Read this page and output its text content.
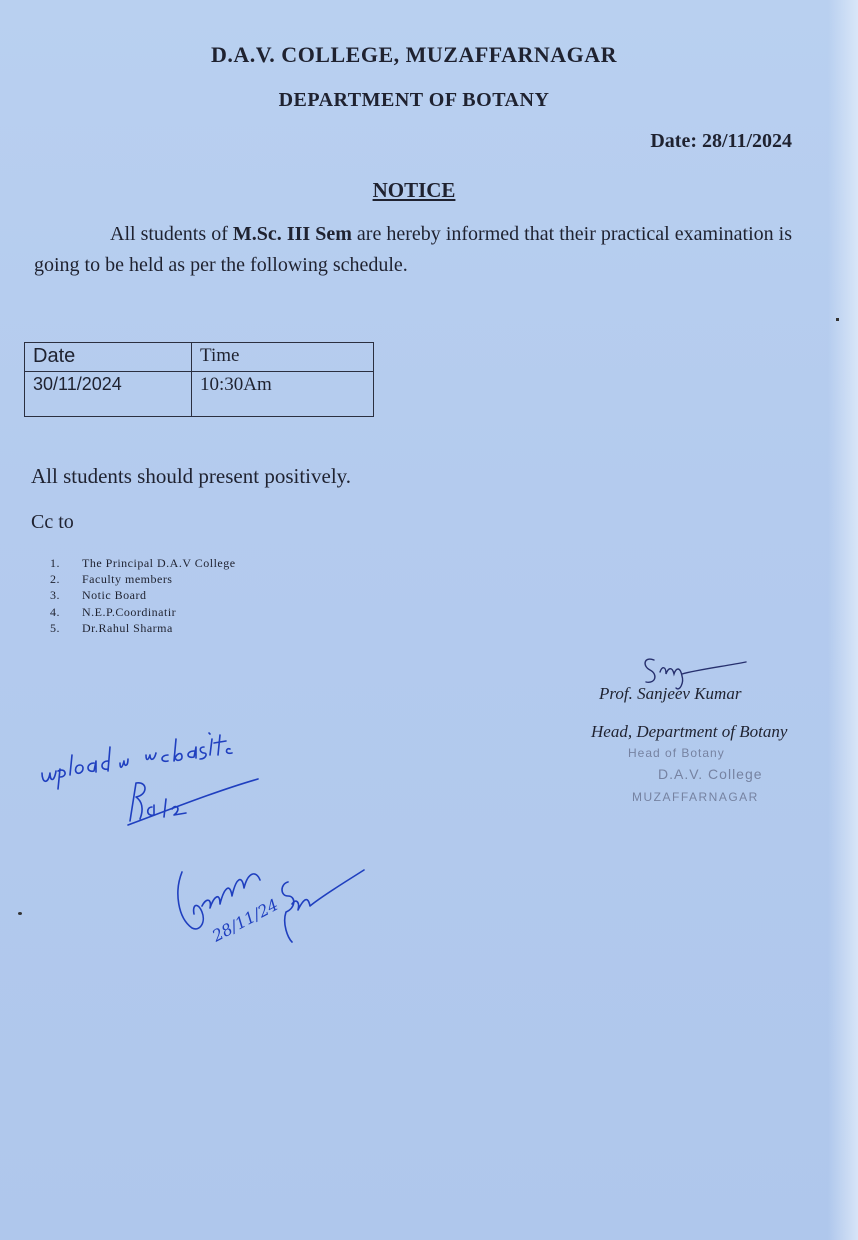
D.A.V. COLLEGE, MUZAFFARNAGAR
DEPARTMENT OF BOTANY
Date: 28/11/2024
NOTICE
All students of M.Sc. III Sem are hereby informed that their practical examination is going to be held as per the following schedule.
Date	Time
30/11/2024	10:30Am
All students should present positively.
Cc to
1.	The Principal D.A.V College
2.	Faculty members
3.	Notic Board
4.	N.E.P.Coordinatir
5.	Dr.Rahul Sharma
Prof. Sanjeev Kumar
Head, Department of Botany
Head of Botany
D.A.V. College
MUZAFFARNAGAR
28/11/24
